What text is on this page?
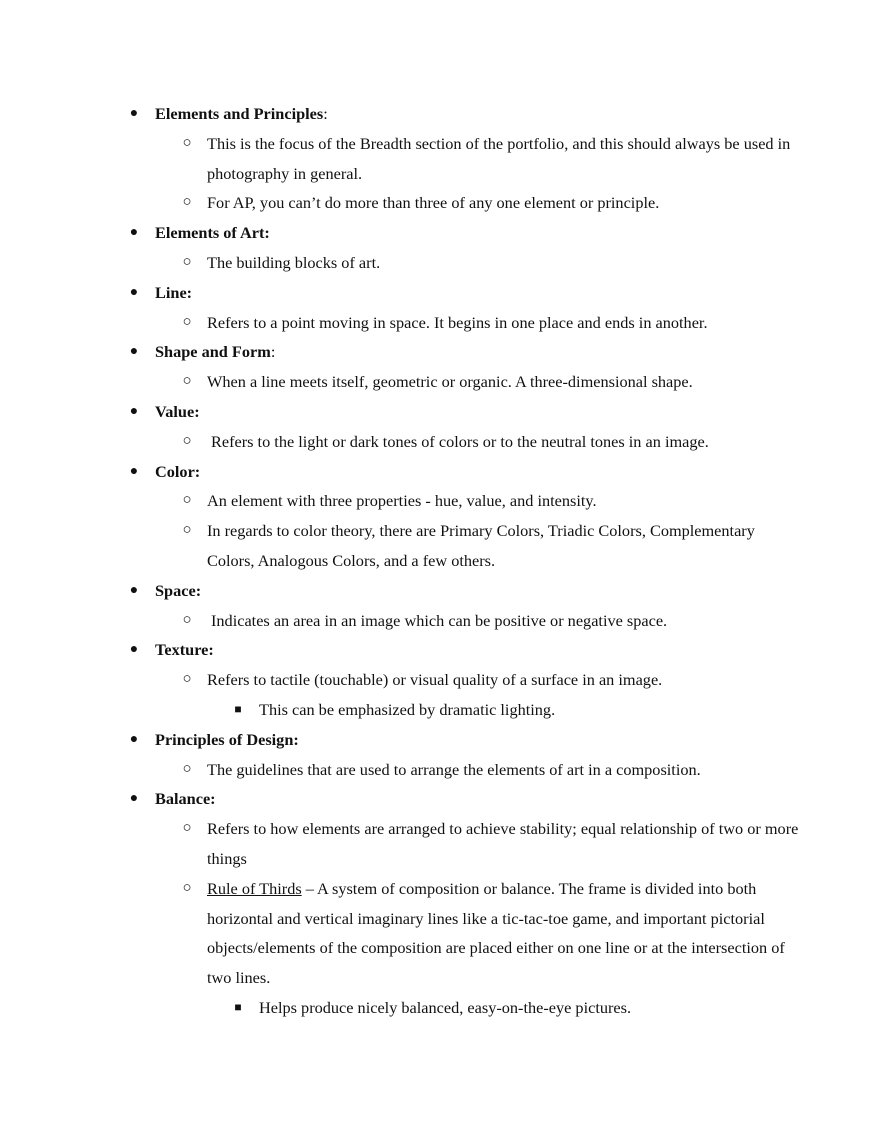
●	Elements and Principles:
○ This is the focus of the Breadth section of the portfolio, and this should always be used in
photography in general.
○ For AP, you can’t do more than three of any one element or principle.
●	Elements of Art:
○ The building blocks of art.
●	Line:
○ Refers to a point moving in space. It begins in one place and ends in another.
●	Shape and Form:
○ When a line meets itself, geometric or organic. A three-dimensional shape.
●	Value:
○	Refers to the light or dark tones of colors or to the neutral tones in an image.
●	Color:
○ An element with three properties - hue, value, and intensity.
○ In regards to color theory, there are Primary Colors, Triadic Colors, Complementary
Colors, Analogous Colors, and a few others.
●	Space:
○	Indicates an area in an image which can be positive or negative space.
●	Texture:
○ Refers to tactile (touchable) or visual quality of a surface in an image.
■	This can be emphasized by dramatic lighting.
●	Principles of Design:
○ The guidelines that are used to arrange the elements of art in a composition.
●	Balance:
○ Refers to how elements are arranged to achieve stability; equal relationship of two or more
things
○ Rule of Thirds – A system of composition or balance. The frame is divided into both
horizontal and vertical imaginary lines like a tic-tac-toe game, and important pictorial
objects/elements of the composition are placed either on one line or at the intersection of
two lines.
■	Helps produce nicely balanced, easy-on-the-eye pictures.
